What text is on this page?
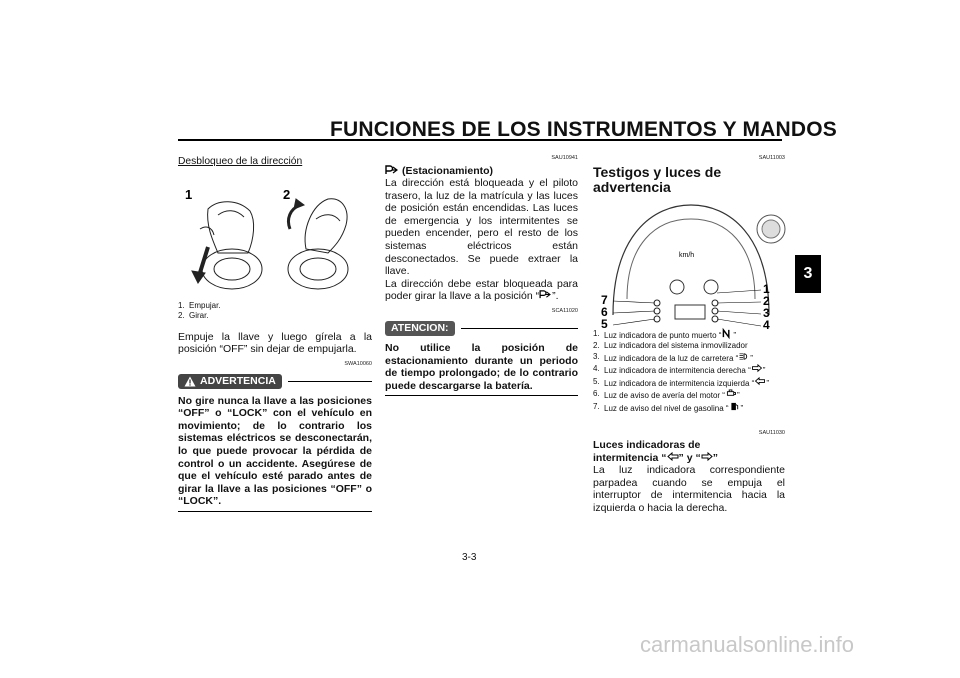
FUNCIONES DE LOS INSTRUMENTOS Y MANDOS
3
Desbloqueo de la dirección
1	2
1. Empujar.
2. Girar.

Empuje la llave y luego gírela a la posición “OFF” sin dejar de empujarla.

SWA10060
ADVERTENCIA

No gire nunca la llave a las posiciones “OFF” o “LOCK” con el vehículo en movimiento; de lo contrario los sistemas eléctricos se desconectarán, lo que puede provocar la pérdida de control o un accidente. Asegúrese de que el vehículo esté parado antes de girar la llave a las posiciones “OFF” o “LOCK”.

SAU10941
(Estacionamiento)

La dirección está bloqueada y el piloto trasero, la luz de la matrícula y las luces de posición están encendidas. Las luces de emergencia y los intermitentes se pueden encender, pero el resto de los sistemas eléctricos están desconectados. Se puede extraer la llave.

La dirección debe estar bloqueada para poder girar la llave a la posición “ ”.

SCA11020
ATENCION:

No utilice la posición de estacionamiento durante un periodo de tiempo prolongado; de lo contrario puede descargarse la batería.

SAU11003
Testigos y luces de advertencia
km/h
7
6
5
1
2
3
4
1. Luz indicadora de punto muerto “ ”
2. Luz indicadora del sistema inmovilizador
3. Luz indicadora de la luz de carretera “ ”
4. Luz indicadora de intermitencia derecha “ ”
5. Luz indicadora de intermitencia izquierda “ ”
6. Luz de aviso de avería del motor “ ”
7. Luz de aviso del nivel de gasolina “ ”
SAU11030
Luces indicadoras de
intermitencia “ ” y “ ”

La luz indicadora correspondiente parpadea cuando se empuja el interruptor de intermitencia hacia la izquierda o hacia la derecha.

3-3
carmanualsonline.info
